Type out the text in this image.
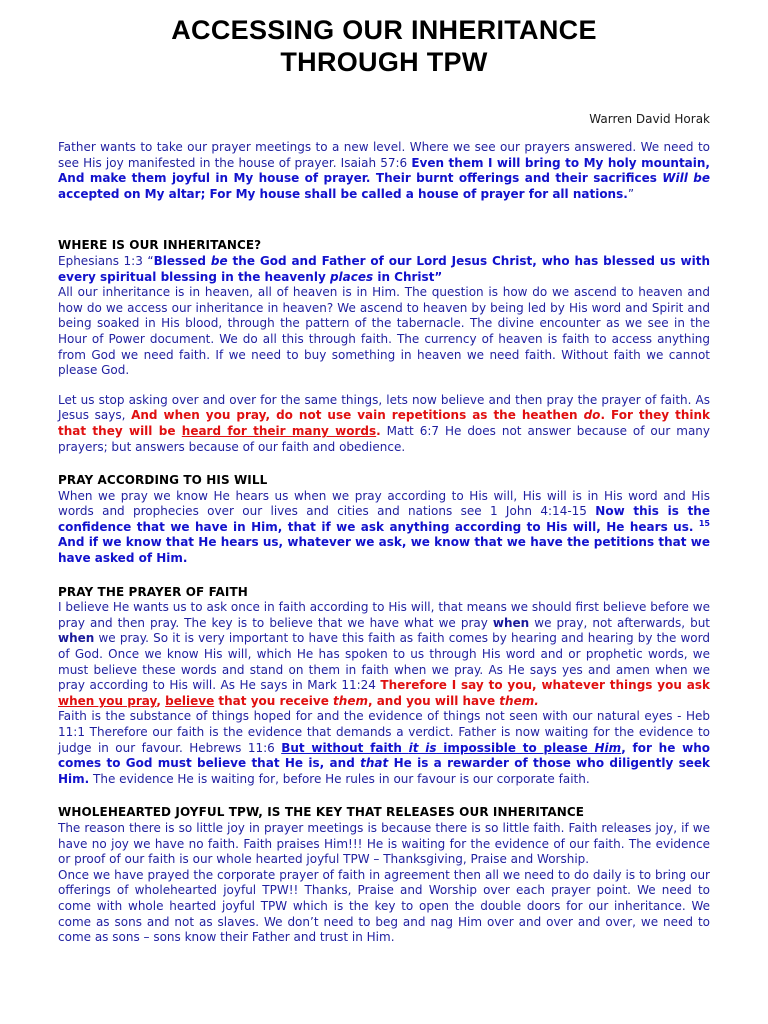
ACCESSING OUR INHERITANCE
THROUGH TPW
Warren David Horak

Father wants to take our prayer meetings to a new level. Where we see our prayers answered. We need to see His joy manifested in the house of prayer. Isaiah 57:6 Even them I will bring to My holy mountain, And make them joyful in My house of prayer. Their burnt offerings and their sacrifices Will be accepted on My altar; For My house shall be called a house of prayer for all nations.”

WHERE IS OUR INHERITANCE?

Ephesians 1:3 “Blessed be the God and Father of our Lord Jesus Christ, who has blessed us with every spiritual blessing in the heavenly places in Christ”

All our inheritance is in heaven, all of heaven is in Him. The question is how do we ascend to heaven and how do we access our inheritance in heaven? We ascend to heaven by being led by His word and Spirit and being soaked in His blood, through the pattern of the tabernacle. The divine encounter as we see in the Hour of Power document. We do all this through faith. The currency of heaven is faith to access anything from God we need faith. If we need to buy something in heaven we need faith. Without faith we cannot please God.

Let us stop asking over and over for the same things, lets now believe and then pray the prayer of faith. As Jesus says, And when you pray, do not use vain repetitions as the heathen do. For they think that they will be heard for their many words. Matt 6:7 He does not answer because of our many prayers; but answers because of our faith and obedience.

PRAY ACCORDING TO HIS WILL

When we pray we know He hears us when we pray according to His will, His will is in His word and His words and prophecies over our lives and cities and nations see 1 John 4:14-15 Now this is the confidence that we have in Him, that if we ask anything according to His will, He hears us. $^{15}$ And if we know that He hears us, whatever we ask, we know that we have the petitions that we have asked of Him.

PRAY THE PRAYER OF FAITH

I believe He wants us to ask once in faith according to His will, that means we should first believe before we pray and then pray. The key is to believe that we have what we pray when we pray, not afterwards, but when we pray. So it is very important to have this faith as faith comes by hearing and hearing by the word of God. Once we know His will, which He has spoken to us through His word and or prophetic words, we must believe these words and stand on them in faith when we pray. As He says yes and amen when we pray according to His will. As He says in Mark 11:24 Therefore I say to you, whatever things you ask when you pray, believe that you receive them, and you will have them.

Faith is the substance of things hoped for and the evidence of things not seen with our natural eyes - Heb 11:1 Therefore our faith is the evidence that demands a verdict. Father is now waiting for the evidence to judge in our favour. Hebrews 11:6 But without faith it is impossible to please Him, for he who comes to God must believe that He is, and that He is a rewarder of those who diligently seek Him. The evidence He is waiting for, before He rules in our favour is our corporate faith.

WHOLEHEARTED JOYFUL TPW, IS THE KEY THAT RELEASES OUR INHERITANCE

The reason there is so little joy in prayer meetings is because there is so little faith. Faith releases joy, if we have no joy we have no faith. Faith praises Him!!! He is waiting for the evidence of our faith. The evidence or proof of our faith is our whole hearted joyful TPW – Thanksgiving, Praise and Worship.

Once we have prayed the corporate prayer of faith in agreement then all we need to do daily is to bring our offerings of wholehearted joyful TPW!! Thanks, Praise and Worship over each prayer point. We need to come with whole hearted joyful TPW which is the key to open the double doors for our inheritance. We come as sons and not as slaves. We don’t need to beg and nag Him over and over and over, we need to come as sons – sons know their Father and trust in Him.
